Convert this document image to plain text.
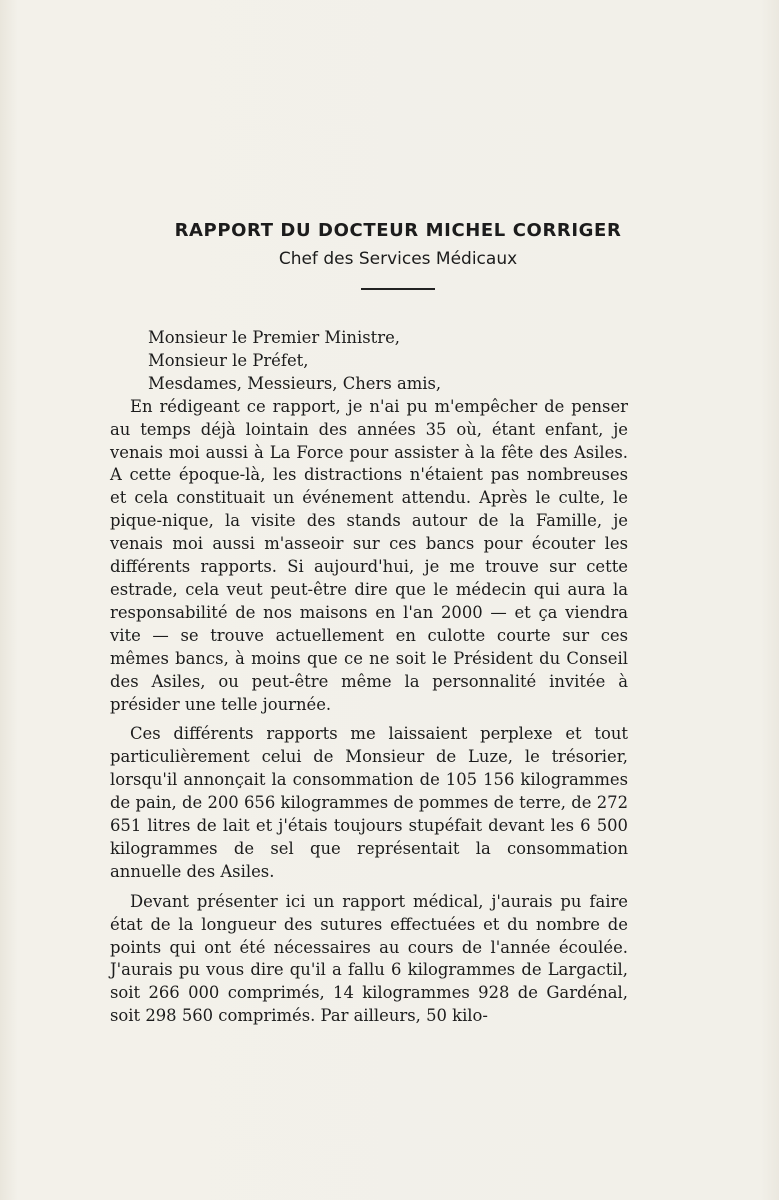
RAPPORT DU DOCTEUR MICHEL CORRIGER
Chef des Services Médicaux

Monsieur le Premier Ministre,

Monsieur le Préfet,

Mesdames, Messieurs, Chers amis,

En rédigeant ce rapport, je n'ai pu m'empêcher de penser au temps déjà lointain des années 35 où, étant enfant, je venais moi aussi à La Force pour assister à la fête des Asiles. A cette époque-là, les distractions n'étaient pas nombreuses et cela constituait un événement attendu. Après le culte, le pique-nique, la visite des stands autour de la Famille, je venais moi aussi m'asseoir sur ces bancs pour écouter les différents rapports. Si aujourd'hui, je me trouve sur cette estrade, cela veut peut-être dire que le médecin qui aura la responsabilité de nos maisons en l'an 2000 — et ça viendra vite — se trouve actuellement en culotte courte sur ces mêmes bancs, à moins que ce ne soit le Président du Conseil des Asiles, ou peut-être même la personnalité invitée à présider une telle journée.

Ces différents rapports me laissaient perplexe et tout particulièrement celui de Monsieur de Luze, le trésorier, lorsqu'il annonçait la consommation de 105 156 kilogrammes de pain, de 200 656 kilogrammes de pommes de terre, de 272 651 litres de lait et j'étais toujours stupéfait devant les 6 500 kilogrammes de sel que représentait la consommation annuelle des Asiles.

Devant présenter ici un rapport médical, j'aurais pu faire état de la longueur des sutures effectuées et du nombre de points qui ont été nécessaires au cours de l'année écoulée. J'aurais pu vous dire qu'il a fallu 6 kilogrammes de Largactil, soit 266 000 comprimés, 14 kilogrammes 928 de Gardénal, soit 298 560 comprimés. Par ailleurs, 50 kilo-
